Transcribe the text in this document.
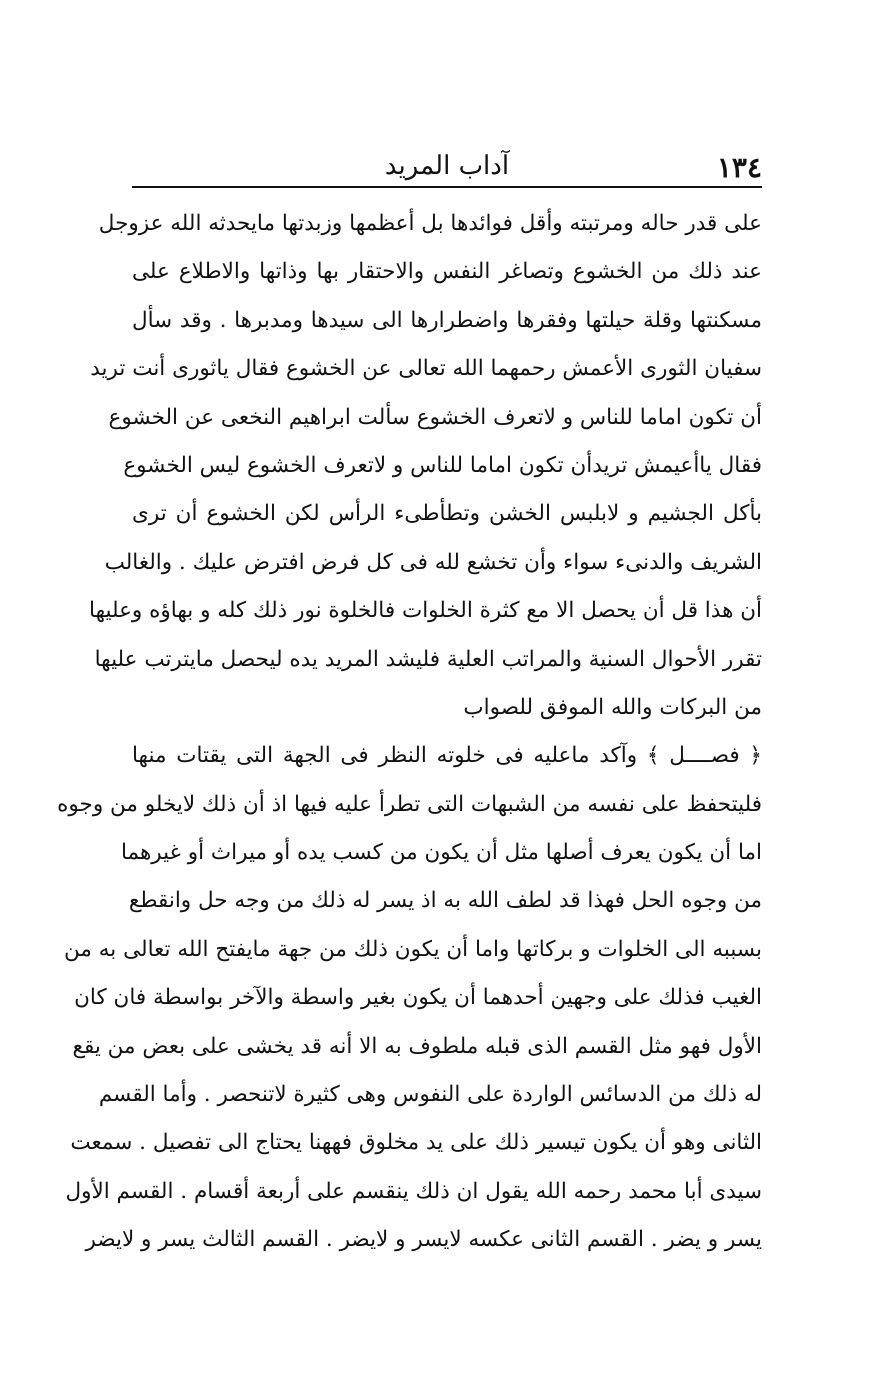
١٣٤
آداب المريد
على قدر حاله ومرتبته وأقل فوائدها بل أعظمها وزبدتها مايحدثه الله عزوجل
عند ذلك من الخشوع وتصاغر النفس والاحتقار بها وذاتها والاطلاع على
مسكنتها وقلة حيلتها وفقرها واضطرارها الى سيدها ومدبرها . وقد سأل
سفيان الثورى الأعمش رحمهما الله تعالى عن الخشوع فقال ياثورى أنت تريد
أن تكون اماما للناس و لاتعرف الخشوع سألت ابراهيم النخعى عن الخشوع
فقال ياأعيمش تريدأن تكون اماما للناس و لاتعرف الخشوع ليس الخشوع
بأكل الجشيم و لابلبس الخشن وتطأطىء الرأس لكن الخشوع أن ترى
الشريف والدنىء سواء وأن تخشع لله فى كل فرض افترض عليك . والغالب
أن هذا قل أن يحصل الا مع كثرة الخلوات فالخلوة نور ذلك كله و بهاؤه وعليها
تقرر الأحوال السنية والمراتب العلية فليشد المريد يده ليحصل مايترتب عليها
من البركات والله الموفق للصواب
﴿ فصــــل ﴾ وآكد ماعليه فى خلوته النظر فى الجهة التى يقتات منها
فليتحفظ على نفسه من الشبهات التى تطرأ عليه فيها اذ أن ذلك لايخلو من وجوه
اما أن يكون يعرف أصلها مثل أن يكون من كسب يده أو ميراث أو غيرهما
من وجوه الحل فهذا قد لطف الله به اذ يسر له ذلك من وجه حل وانقطع
بسببه الى الخلوات و بركاتها واما أن يكون ذلك من جهة مايفتح الله تعالى به من
الغيب فذلك على وجهين أحدهما أن يكون بغير واسطة والآخر بواسطة فان كان
الأول فهو مثل القسم الذى قبله ملطوف به الا أنه قد يخشى على بعض من يقع
له ذلك من الدسائس الواردة على النفوس وهى كثيرة لاتنحصر . وأما القسم
الثانى وهو أن يكون تيسير ذلك على يد مخلوق فههنا يحتاج الى تفصيل . سمعت
سيدى أبا محمد رحمه الله يقول ان ذلك ينقسم على أربعة أقسام . القسم الأول
يسر و يضر . القسم الثانى عكسه لايسر و لايضر . القسم الثالث يسر و لايضر
